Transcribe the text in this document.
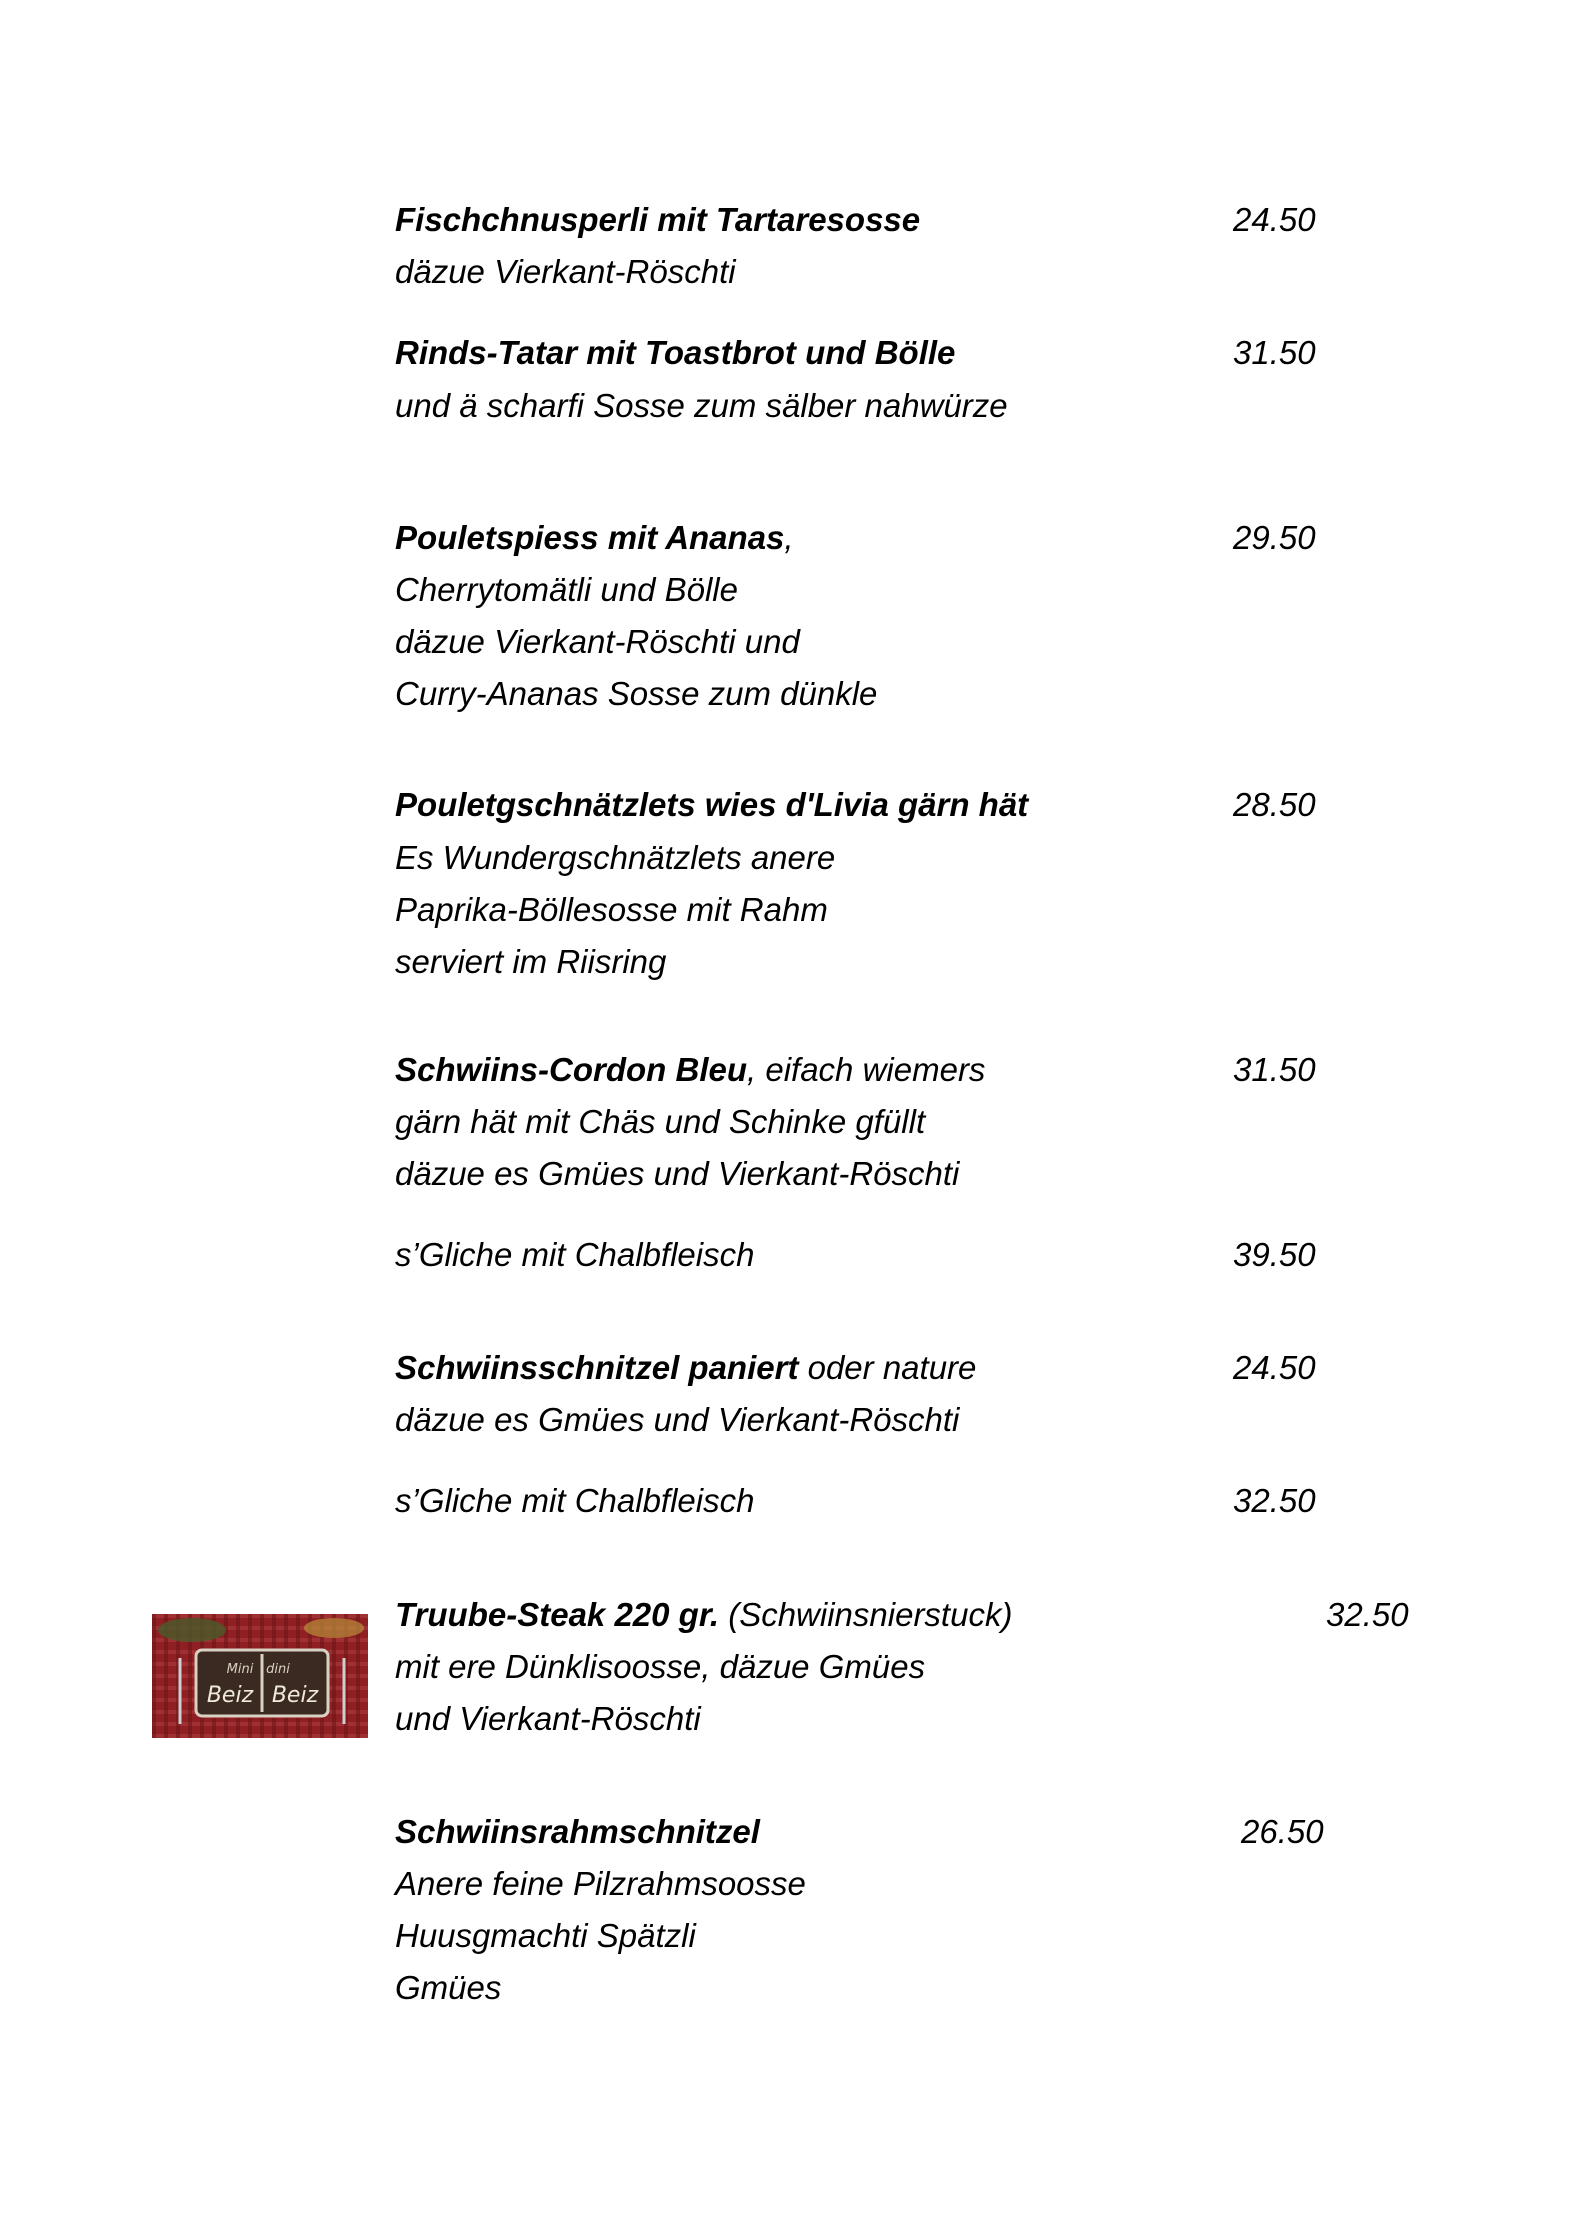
Fischchnusperli mit Tartaresosse	24.50
däzue Vierkant-Röschti
Rinds-Tatar mit Toastbrot und Bölle	31.50
und ä scharfi Sosse zum sälber nahwürze
Pouletspiess mit Ananas,	29.50
Cherrytomätli und Bölle
däzue Vierkant-Röschti und
Curry-Ananas Sosse zum dünkle
Pouletgschnätzlets wies d'Livia gärn hät	28.50
Es Wundergschnätzlets anere
Paprika-Böllesosse mit Rahm
serviert im Riisring
Schwiins-Cordon Bleu, eifach wiemers	31.50
gärn hät mit Chäs und Schinke gfüllt
däzue es Gmües und Vierkant-Röschti
s’Gliche mit Chalbfleisch	39.50
Schwiinsschnitzel paniert oder nature	24.50
däzue es Gmües und Vierkant-Röschti
s’Gliche mit Chalbfleisch	32.50
Truube-Steak 220 gr. (Schwiinsnierstuck)	32.50
mit ere Dünklisoosse, däzue Gmües
und Vierkant-Röschti
Mini dini
Beiz Beiz
Schwiinsrahmschnitzel	26.50
Anere feine Pilzrahmsoosse
Huusgmachti Spätzli
Gmües
